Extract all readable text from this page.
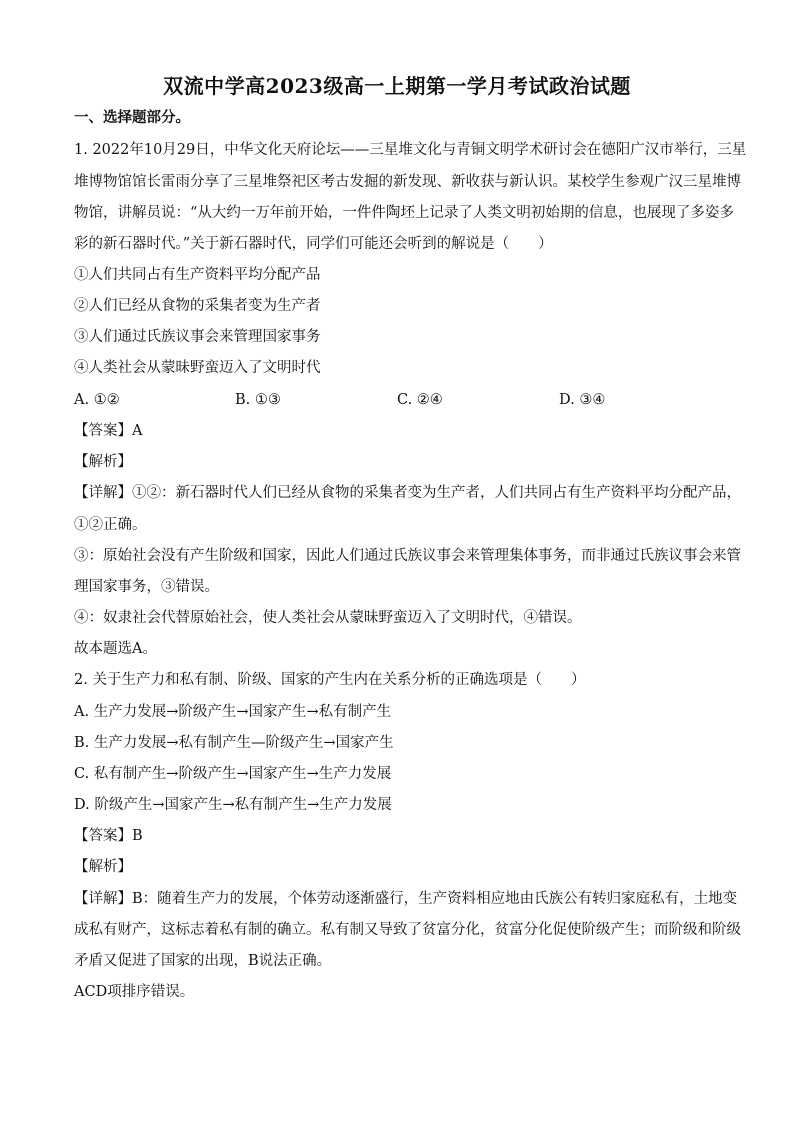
双流中学高2023级高一上期第一学月考试政治试题
一、选择题部分。
1. 2022年10月29日，中华文化天府论坛——三星堆文化与青铜文明学术研讨会在德阳广汉市举行，三星
堆博物馆馆长雷雨分享了三星堆祭祀区考古发掘的新发现、新收获与新认识。某校学生参观广汉三星堆博
物馆，讲解员说：“从大约一万年前开始，一件件陶坯上记录了人类文明初始期的信息，也展现了多姿多
彩的新石器时代。”关于新石器时代，同学们可能还会听到的解说是（　　）
①人们共同占有生产资料平均分配产品
②人们已经从食物的采集者变为生产者
③人们通过氏族议事会来管理国家事务
④人类社会从蒙昧野蛮迈入了文明时代
A. ①②	B. ①③	C. ②④	D. ③④
【答案】A
【解析】
【详解】①②：新石器时代人们已经从食物的采集者变为生产者，人们共同占有生产资料平均分配产品，
①②正确。
③：原始社会没有产生阶级和国家，因此人们通过氏族议事会来管理集体事务，而非通过氏族议事会来管
理国家事务，③错误。
④：奴隶社会代替原始社会，使人类社会从蒙昧野蛮迈入了文明时代，④错误。
故本题选A。
2. 关于生产力和私有制、阶级、国家的产生内在关系分析的正确选项是（　　）
A. 生产力发展→阶级产生→国家产生→私有制产生
B. 生产力发展→私有制产生—阶级产生→国家产生
C. 私有制产生→阶级产生→国家产生→生产力发展
D. 阶级产生→国家产生→私有制产生→生产力发展
【答案】B
【解析】
【详解】B：随着生产力的发展，个体劳动逐渐盛行，生产资料相应地由氏族公有转归家庭私有，土地变
成私有财产，这标志着私有制的确立。私有制又导致了贫富分化，贫富分化促使阶级产生；而阶级和阶级
矛盾又促进了国家的出现，B说法正确。
ACD项排序错误。
